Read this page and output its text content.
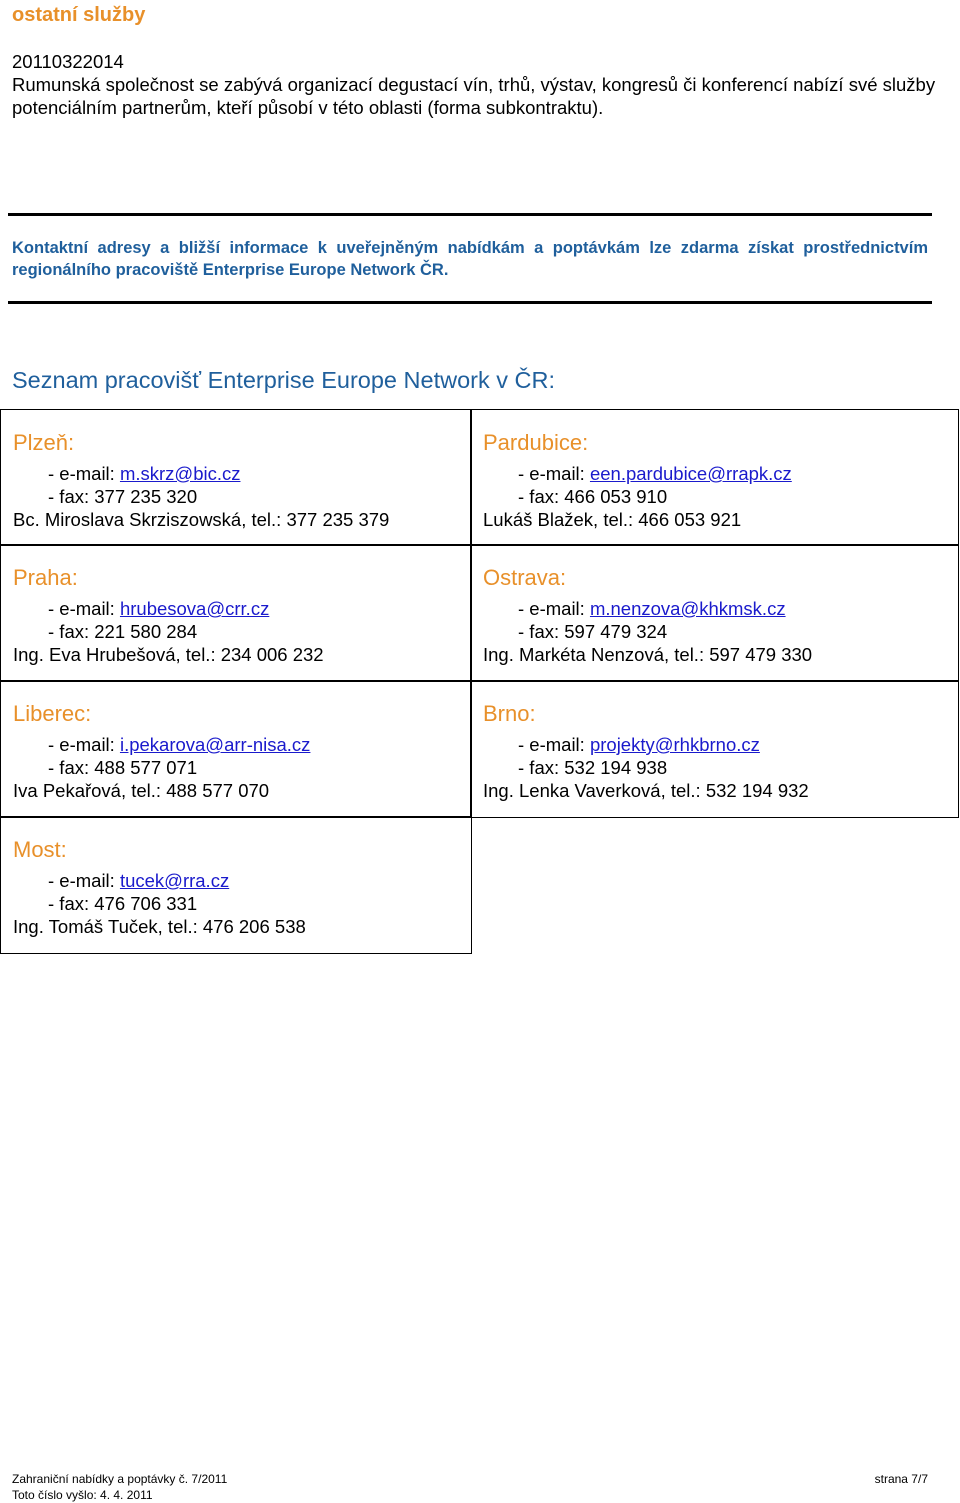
ostatní služby
20110322014
Rumunská společnost se zabývá organizací degustací vín, trhů, výstav, kongresů či konferencí nabízí své služby potenciálním partnerům, kteří působí v této oblasti (forma subkontraktu).
Kontaktní adresy a bližší informace k uveřejněným nabídkám a poptávkám lze zdarma získat prostřednictvím regionálního pracoviště Enterprise Europe Network ČR.
Seznam pracovišť Enterprise Europe Network v ČR:
Plzeň:
- e-mail: m.skrz@bic.cz
- fax: 377 235 320
Bc. Miroslava Skrziszowská, tel.: 377 235 379
Pardubice:
- e-mail: een.pardubice@rrapk.cz
- fax: 466 053 910
Lukáš Blažek, tel.: 466 053 921
Praha:
- e-mail: hrubesova@crr.cz
- fax: 221 580 284
Ing. Eva Hrubešová, tel.: 234 006 232
Ostrava:
- e-mail: m.nenzova@khkmsk.cz
- fax: 597 479 324
Ing. Markéta Nenzová, tel.: 597 479 330
Liberec:
- e-mail: i.pekarova@arr-nisa.cz
- fax: 488 577 071
Iva Pekařová, tel.: 488 577 070
Brno:
- e-mail: projekty@rhkbrno.cz
- fax: 532 194 938
Ing. Lenka Vaverková, tel.: 532 194 932
Most:
- e-mail: tucek@rra.cz
- fax: 476 706 331
Ing. Tomáš Tuček, tel.: 476 206 538
Zahraniční nabídky a poptávky č. 7/2011
Toto číslo vyšlo: 4. 4. 2011
strana 7/7
